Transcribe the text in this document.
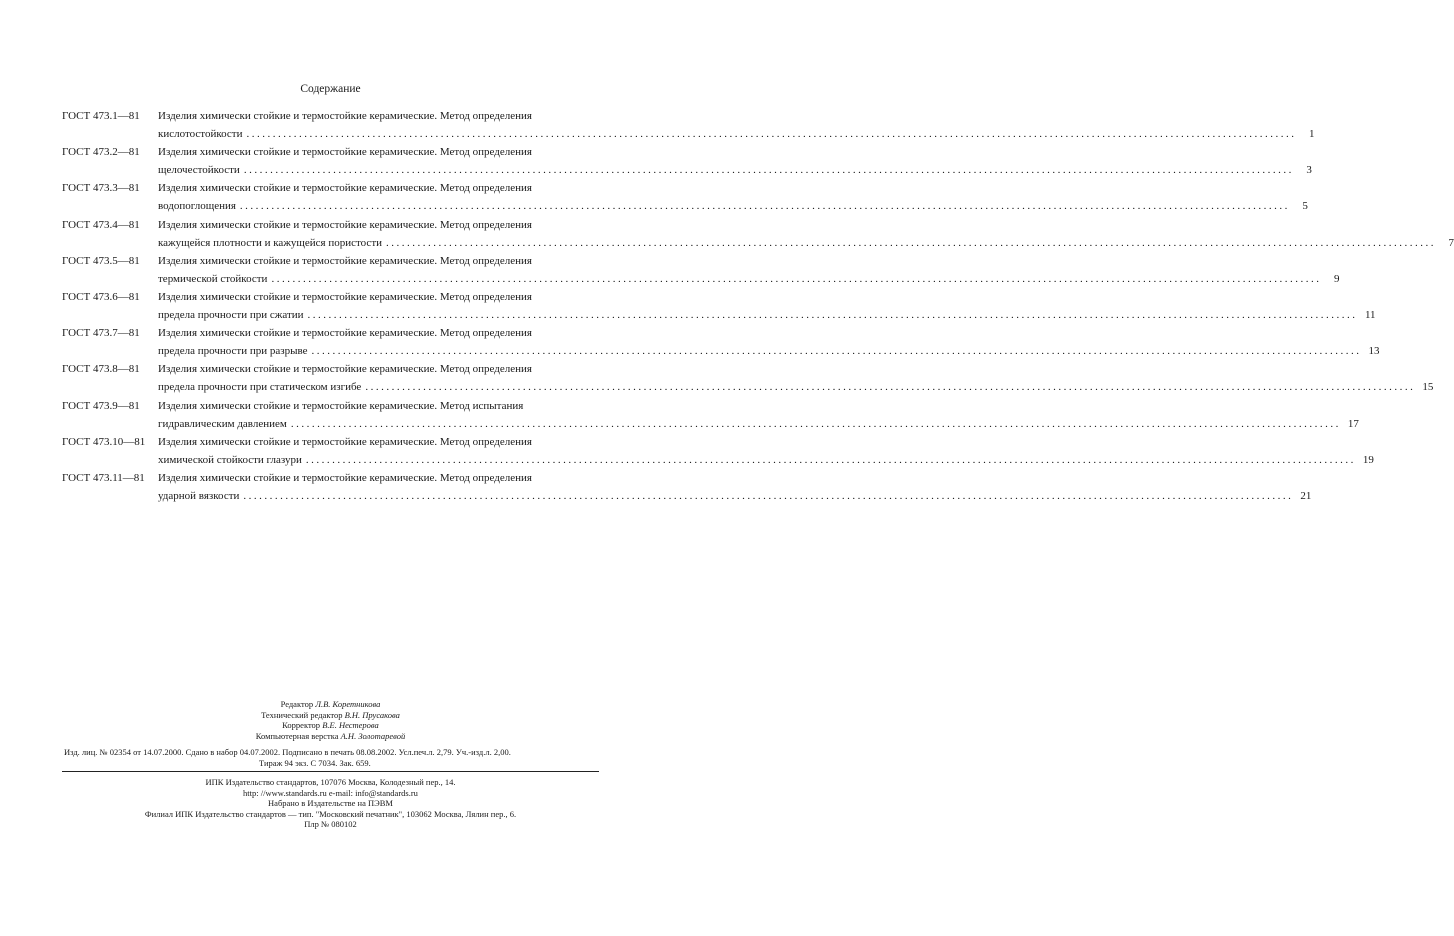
Содержание
ГОСТ 473.1—81 Изделия химически стойкие и термостойкие керамические. Метод определения
кислотостойкости ........................................................................................................................................................................................................	1
ГОСТ 473.2—81 Изделия химически стойкие и термостойкие керамические. Метод определения
щелочестойкости ........................................................................................................................................................................................................	3
ГОСТ 473.3—81 Изделия химически стойкие и термостойкие керамические. Метод определения
водопоглощения ........................................................................................................................................................................................................	5
ГОСТ 473.4—81 Изделия химически стойкие и термостойкие керамические. Метод определения
кажущейся плотности и кажущейся пористости ........................................................................................................................................................................................................	7
ГОСТ 473.5—81 Изделия химически стойкие и термостойкие керамические. Метод определения
термической стойкости ........................................................................................................................................................................................................	9
ГОСТ 473.6—81 Изделия химически стойкие и термостойкие керамические. Метод определения
предела прочности при сжатии ........................................................................................................................................................................................................ 11
ГОСТ 473.7—81 Изделия химически стойкие и термостойкие керамические. Метод определения
предела прочности при разрыве ........................................................................................................................................................................................................ 13
ГОСТ 473.8—81 Изделия химически стойкие и термостойкие керамические. Метод определения
предела прочности при статическом изгибе ........................................................................................................................................................................................................ 15
ГОСТ 473.9—81 Изделия химически стойкие и термостойкие керамические. Метод испытания
гидравлическим давлением ........................................................................................................................................................................................................ 17
ГОСТ 473.10—81 Изделия химически стойкие и термостойкие керамические. Метод определения
химической стойкости глазури ........................................................................................................................................................................................................ 19
ГОСТ 473.11—81 Изделия химически стойкие и термостойкие керамические. Метод определения
ударной вязкости ........................................................................................................................................................................................................ 21
Редактор Л.В. Коретникова
Технический редактор В.Н. Прусакова
Корректор В.Е. Нестерова
Компьютерная верстка А.Н. Золотаревой
Изд. лиц. № 02354 от 14.07.2000. Сдано в набор 04.07.2002. Подписано в печать 08.08.2002. Усл.печ.л. 2,79. Уч.-изд.л. 2,00.
Тираж 94 экз. С 7034. Зак. 659.
ИПК Издательство стандартов, 107076 Москва, Колодезный пер., 14.
http: //www.standards.ru e-mail: info@standards.ru
Набрано в Издательстве на ПЭВМ
Филиал ИПК Издательство стандартов — тип. "Московский печатник", 103062 Москва, Лялин пер., 6.
Плр № 080102
